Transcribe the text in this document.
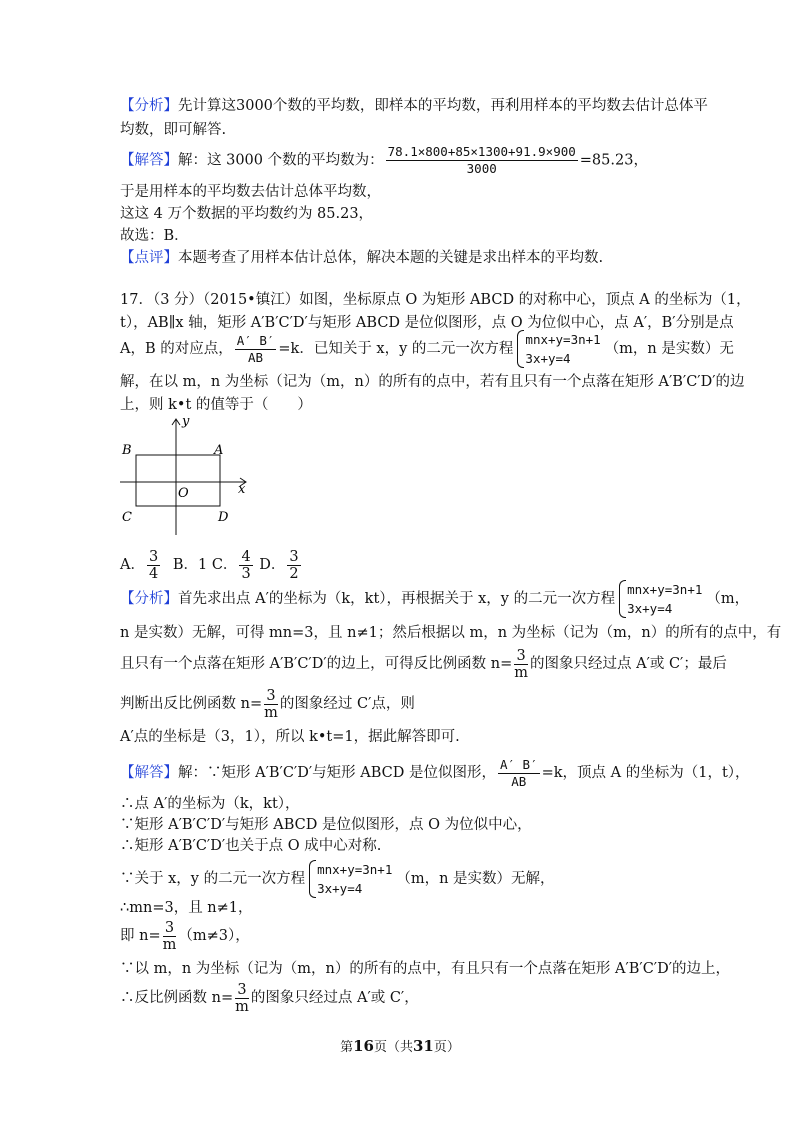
【分析】先计算这3000个数的平均数，即样本的平均数，再利用样本的平均数去估计总体平
均数，即可解答.
【解答】解：这 3000 个数的平均数为： $\frac{78.1\times 800+85\times 1300+91.9\times 900}{3000} =85.23$，
于是用样本的平均数去估计总体平均数，
这这 4 万个数据的平均数约为 85.23，
故选：B．
【点评】本题考查了用样本估计总体，解决本题的关键是求出样本的平均数.
17．（3 分）（2015•镇江）如图，坐标原点 O 为矩形 ABCD 的对称中心，顶点 A 的坐标为（1，
t），AB∥x 轴，矩形 A′B′C′D′与矩形 ABCD 是位似图形，点 O 为位似中心，点 A′，B′分别是点
A，B 的对应点， $\frac{A' B'}{AB} =k$．已知关于 x，y 的二元一次方程
mnx+y=3n+1
3x+y=4
（m，n 是实数）无
解，在以 m，n 为坐标（记为（m，n）的所有的点中，若有且只有一个点落在矩形 A′B′C′D′的边
上，则 k•t 的值等于（　　）
y
x
B	A
O
C	D
A． $\frac{3}{4}$ B．1 C． $\frac{4}{3}$ D． $\frac{3}{2}$
【分析】首先求出点 A′的坐标为（k，kt），再根据关于 x，y 的二元一次方程
mnx+y=3n+1
3x+y=4
（m，
n 是实数）无解，可得 mn=3，且 n≠1；然后根据以 m，n 为坐标（记为（m，n）的所有的点中，有
且只有一个点落在矩形 A′B′C′D′的边上，可得反比例函数 $n= \frac{3}{m}$ 的图象只经过点 A′或 C′；最后
判断出反比例函数 $n= \frac{3}{m}$ 的图象经过 C′点，则
A′点的坐标是（3，1），所以 k•t=1，据此解答即可.
【解答】解：∵矩形 A′B′C′D′与矩形 ABCD 是位似图形， $\frac{A' B'}{AB} =k$，顶点 A 的坐标为（1，t），
∴点 A′的坐标为（k，kt），
∵矩形 A′B′C′D′与矩形 ABCD 是位似图形，点 O 为位似中心，
∴矩形 A′B′C′D′也关于点 O 成中心对称.
∵关于 x，y 的二元一次方程
mnx+y=3n+1
3x+y=4
（m，n 是实数）无解，
∴mn=3，且 n≠1，
即 $n= \frac{3}{m} (m\ne 3)$，
∵以 m，n 为坐标（记为（m，n）的所有的点中，有且只有一个点落在矩形 A′B′C′D′的边上，
∴反比例函数 $n= \frac{3}{m}$ 的图象只经过点 A′或 C′，
第16页（共31页）
